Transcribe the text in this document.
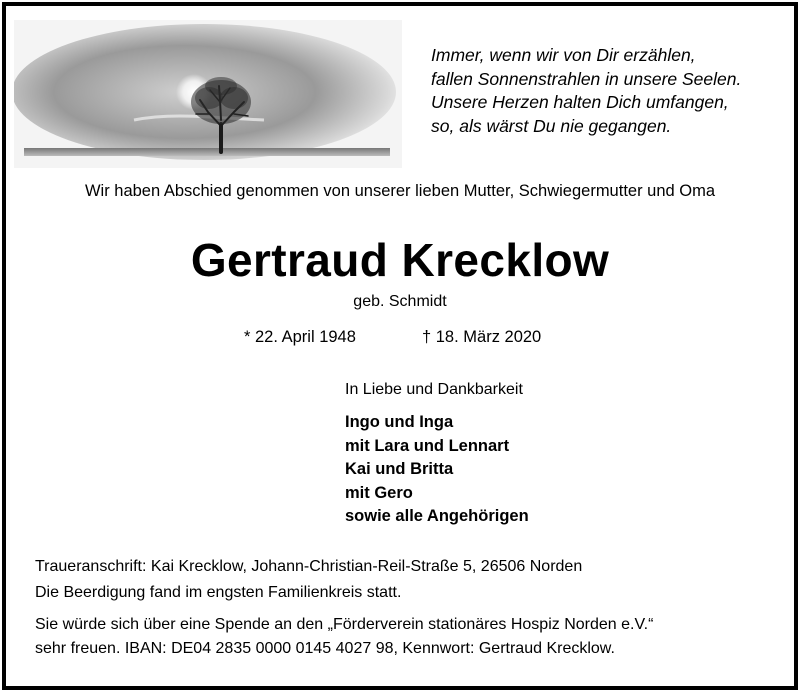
Immer, wenn wir von Dir erzählen,
fallen Sonnenstrahlen in unsere Seelen.
Unsere Herzen halten Dich umfangen,
so, als wärst Du nie gegangen.
Wir haben Abschied genommen von unserer lieben Mutter, Schwiegermutter und Oma
Gertraud Krecklow
geb. Schmidt
* 22. April 1948	† 18. März 2020
In Liebe und Dankbarkeit
Ingo und Inga
mit Lara und Lennart
Kai und Britta
mit Gero
sowie alle Angehörigen
Traueranschrift: Kai Krecklow, Johann-Christian-Reil-Straße 5, 26506 Norden
Die Beerdigung fand im engsten Familienkreis statt.
Sie würde sich über eine Spende an den „Förderverein stationäres Hospiz Norden e.V.“
sehr freuen. IBAN: DE04 2835 0000 0145 4027 98, Kennwort: Gertraud Krecklow.
